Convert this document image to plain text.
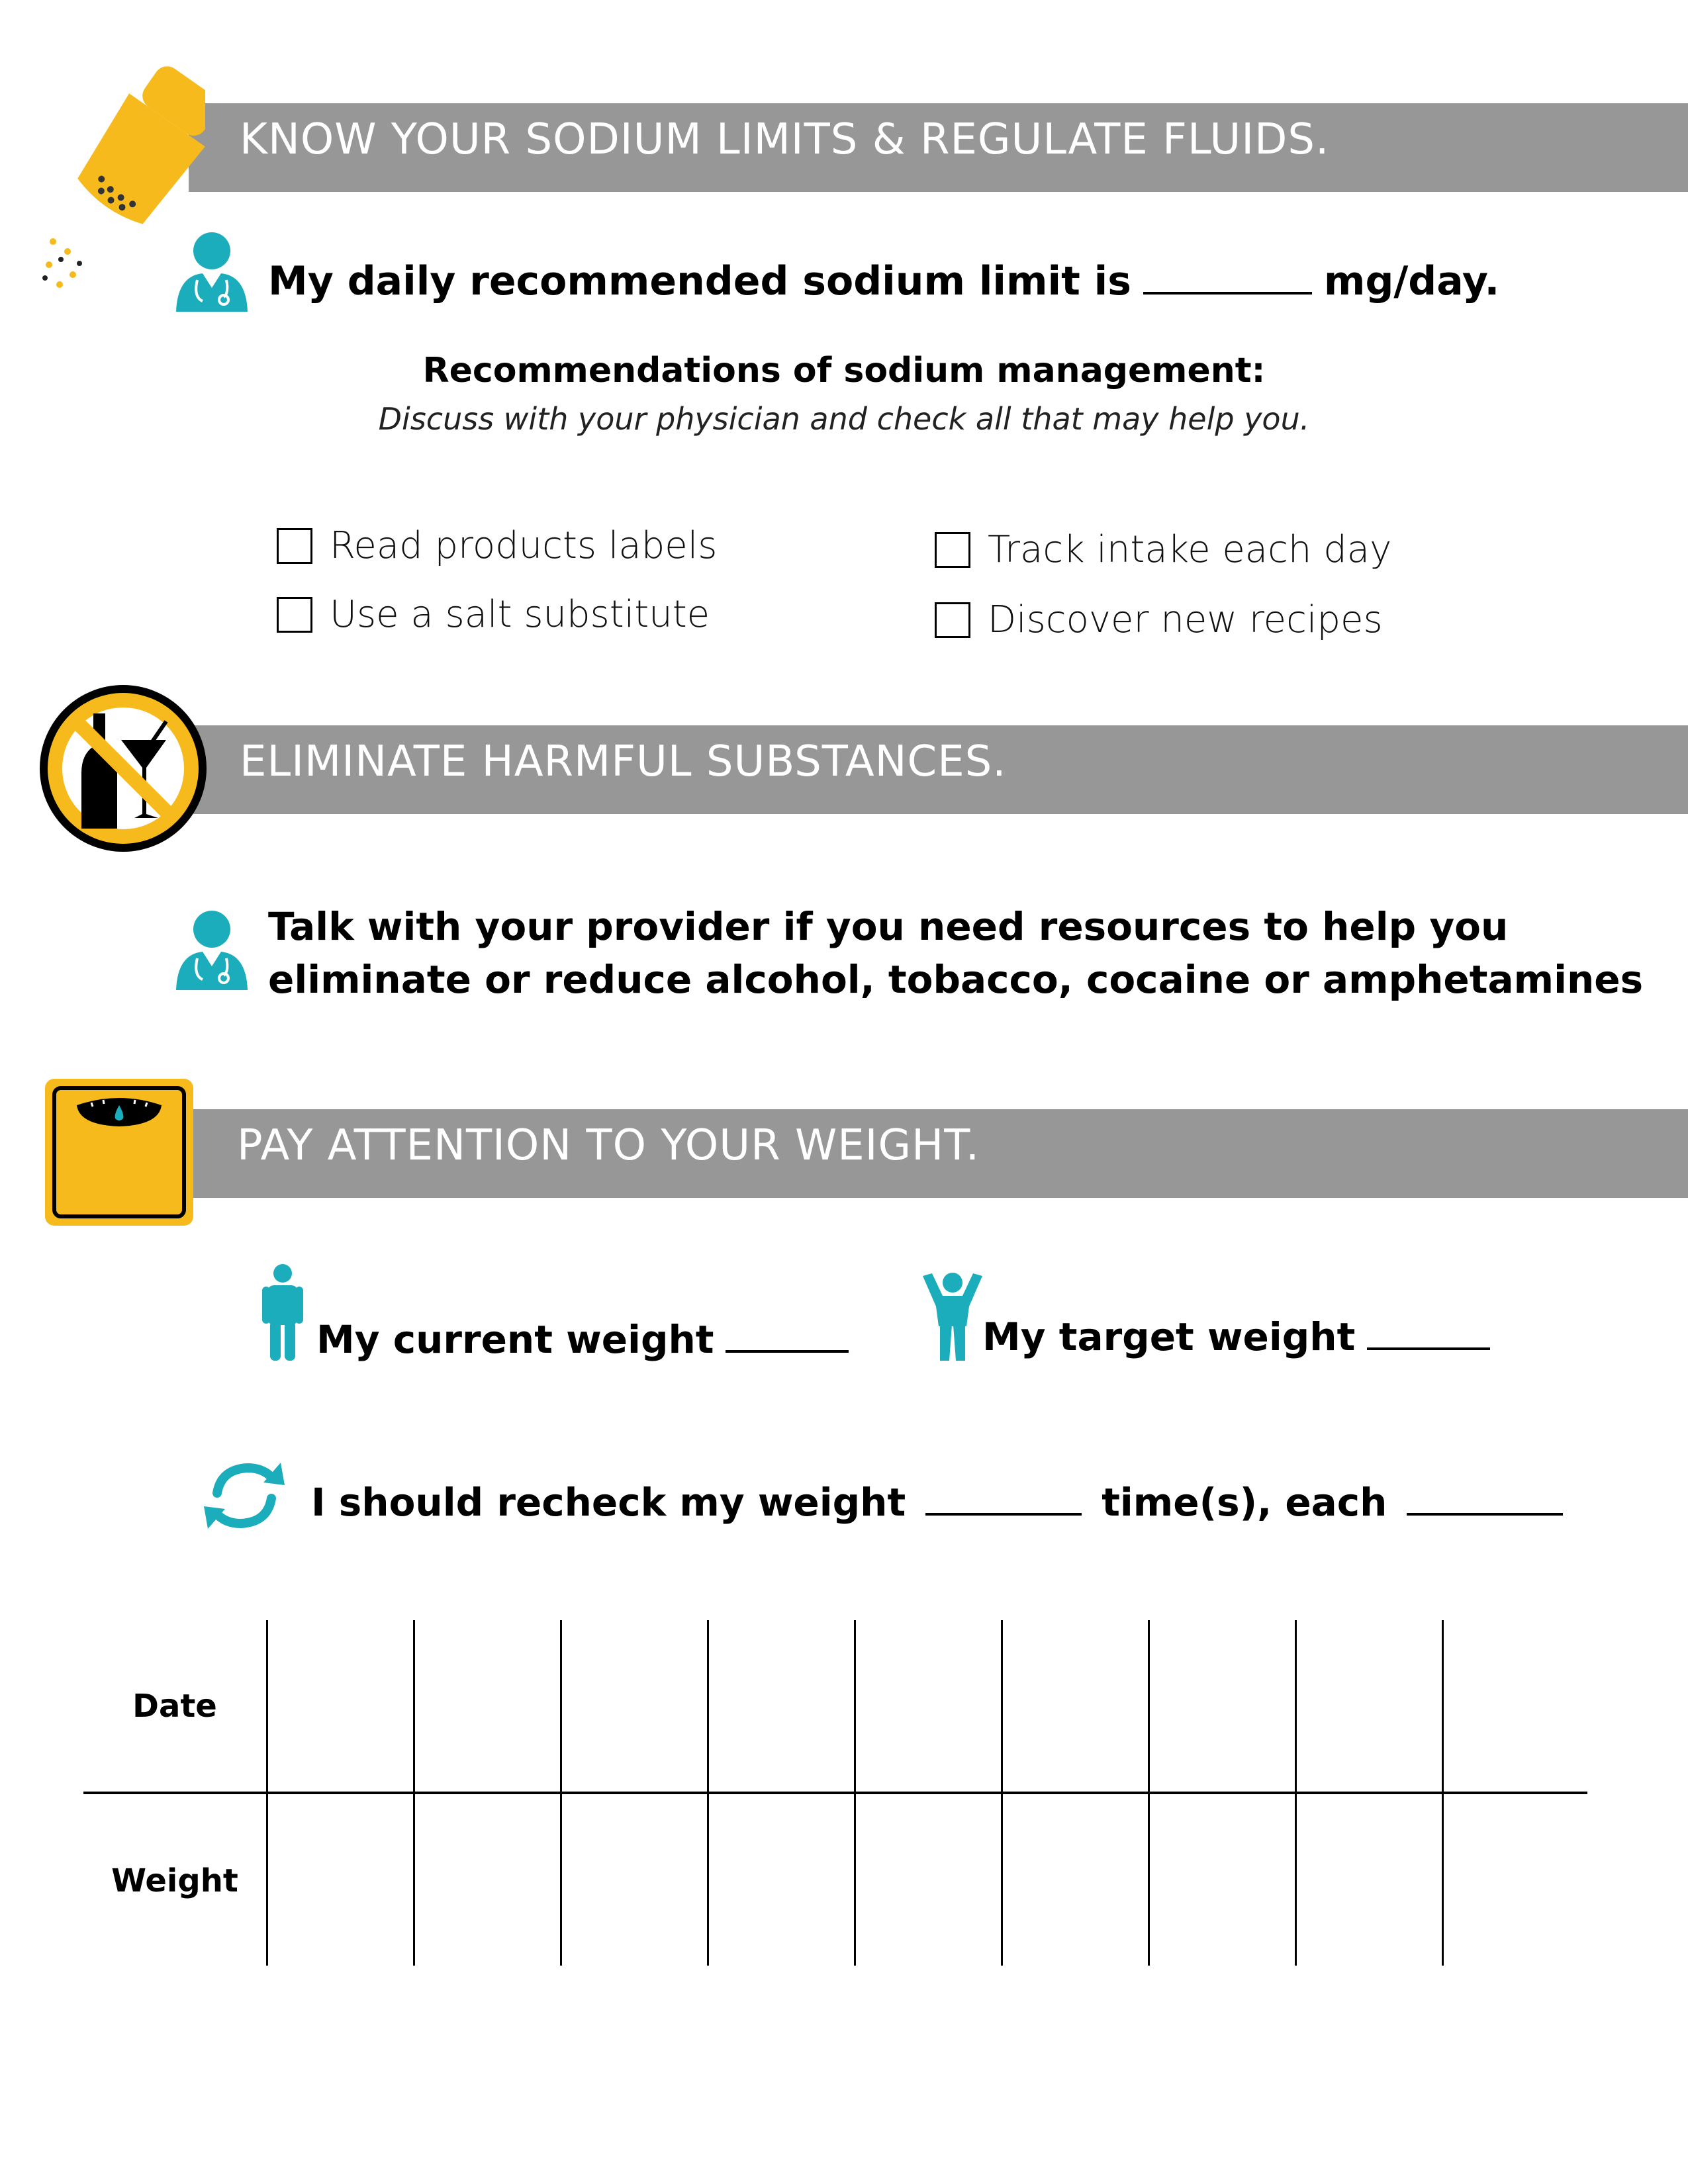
KNOW YOUR SODIUM LIMITS & REGULATE FLUIDS.
My daily recommended sodium limit is	mg/day.
Recommendations of sodium management:
Discuss with your physician and check all that may help you.
Read products labels
Use a salt substitute
Track intake each day
Discover new recipes
ELIMINATE HARMFUL SUBSTANCES.
Talk with your provider if you need resources to help you
eliminate or reduce alcohol, tobacco, cocaine or amphetamines
PAY ATTENTION TO YOUR WEIGHT.
My current weight	My target weight
I should recheck my weight	time(s), each
Date
Weight
